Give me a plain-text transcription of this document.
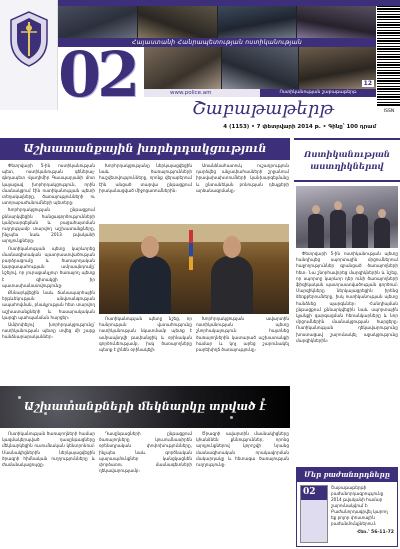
Հայաստանի Հանրապետության ոստիկանության
12
www.police.am	Ոստիկանության շաբաթաթերթ
02	Շաբաթաթերթ
4 (1153) • 7 փետրվարի 2014 թ. • Գինը՝ 100 դրամ
ISSN
Աշխատանքային խորհրդակցություն

Փետրվարի 5-ին ոստիկանության պետ, ոստիկանության գեներալ-գնդապետ Վլադիմիր Գասպարյանի մոտ կայացավ խորհրդակցություն, որին մասնակցում էին ոստիկանության պետի տեղակալները, ծառայությունների ու ստորաբաժանումների պետերը։

Խորհրդակցության ընթացքում քննարկվեցին հանցագործությունների կանխարգելման և բացահայտման ուղղությամբ տարվող աշխատանքները, ինչպես նաև 2013 թվականի արդյունքները։

Ոստիկանության պետը կարևորեց մասնագիտական պատրաստվածության բարձրացումը և ծառայողական կարգապահության ամրապնդումը՝ նշելով, որ յուրաքանչյուր ծառայող պետք է գիտակցի իր պատասխանատվությունը։

Քննարկվեցին նաև ճանապարհային երթևեկության անվտանգության ապահովման, բնակչության հետ տարվող աշխատանքների և հասարակական կարգի պահպանման հարցեր։

Ամփոփելով խորհրդակցությունը՝ ոստիկանության պետը տվեց մի շարք հանձնարարականներ։

Խորհրդակցությանը ներկայացվեցին նաև ծառայությունների հաշվետվությունները, որոնք վերաբերում էին անցած տարվա ընթացքում իրականացված միջոցառումներին։

Առանձնահատուկ ուշադրություն դարձվեց անչափահասների շրջանում իրավախախտումների կանխարգելմանը և ընտանեկան բռնության դեպքերի արձանագրմանը։

Ոստիկանության պետը նշեց, որ հանրության վստահությունը ոստիկանության նկատմամբ պետք է ամրապնդվի թափանցիկ և օրինական գործունեությամբ, իսկ ծառայողները պետք է լինեն օրինակելի։

Խորհրդակցության ավարտին ոստիկանության պետը շնորհակալություն հայտնեց ծառայողներին կատարած աշխատանքի համար և կոչ արեց շարունակել բարեխիղճ ծառայությունը։

Ոստիկանության աստղիկներով

Փետրվարի 5-ին ոստիկանության պետը հանդիպեց սպորտային մրցումներում հաջողություններ գրանցած ծառայողների հետ։ Նա շնորհավորեց մարզիկներին և նշեց, որ սպորտը կարևոր դեր ունի ծառայողների ֆիզիկական պատրաստվածության գործում։ Մարզիկները ներկայացրեցին իրենց ձեռքբերումները, իսկ ոստիկանության պետը հանձնեց պարգևներ։ Հանդիպման ընթացքում քննարկվեցին նաև սպորտային կյանքի զարգացման հեռանկարները և նոր մրցումներին մասնակցության հարցերը։ Ոստիկանության ղեկավարությունը խոստացավ շարունակել աջակցությունը մարզիկներին։

Աշխատանքների մեկնարկը տրված է

Ոստիկանության ծառայողների համար կազմակերպված դասընթացները մեկնարկեցին ուսումնական կենտրոնում։ Մասնակիցներին ներկայացվեցին ծրագրի հիմնական ուղղությունները և ժամանակացույցը։

Դասընթացների ընթացքում ծառայողները կուսումնասիրեն օրենսդրական փոփոխությունները, ինչպես նաև գործնական պարապմունքներ կանցկացնեն փորձառու մասնագետների ղեկավարությամբ։

Ծրագրի ավարտին մասնակիցները կհանձնեն քննություններ, որոնց արդյունքներով կորոշվի նրանց մասնագիտական որակավորման մակարդակը և հետագա ծառայության ուղղությունը։

Մեր բաժանորդները
02
Շաբաթաթերթի բաժանորդագրությունը 2014 թվականի համար շարունակվում է։ Բաժանորդագրվել կարող եք բոլոր փոստային բաժանմունքներում։
Հեռ.՝ 56-11-72
